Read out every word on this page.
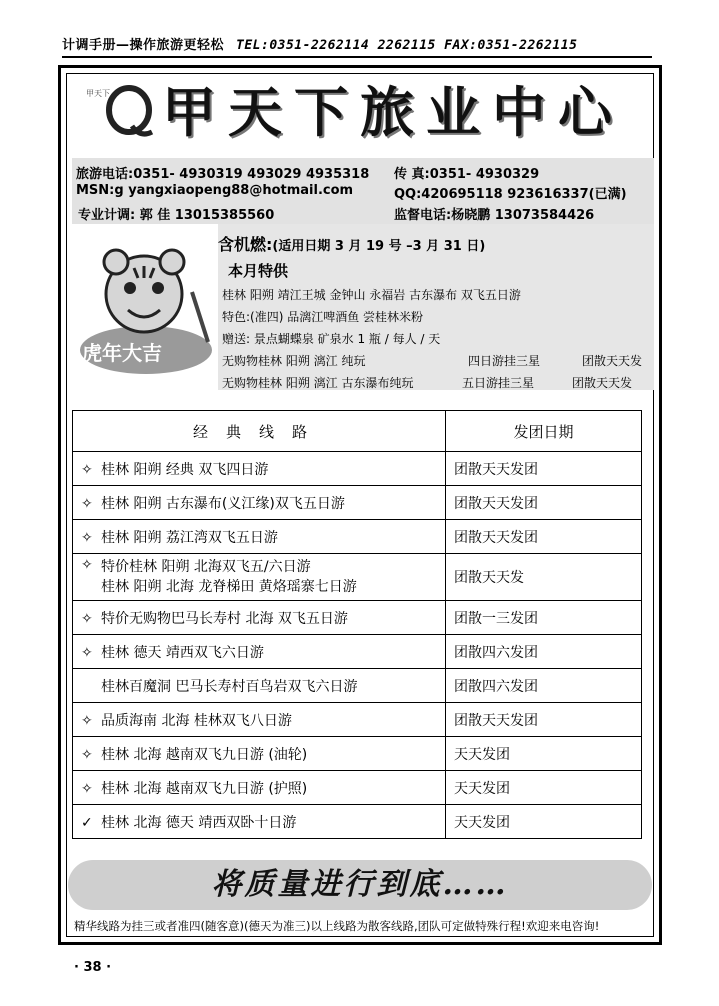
计调手册—操作旅游更轻松 TEL:0351-2262114 2262115 FAX:0351-2262115
甲天下 甲天下旅业中心
旅游电话:0351- 4930319 493029 4935318 传 真:0351- 4930329
MSN:g yangxiaopeng88@hotmail.com	QQ:420695118 923616337(已满)
专业计调: 郭 佳 13015385560	监督电话:杨晓鹏 13073584426
虎年大吉
含机燃:(适用日期 3 月 19 号 –3 月 31 日)
本月特供
桂林 阳朔 靖江王城 金钟山 永福岩 古东瀑布 双飞五日游
特色:(准四) 品漓江啤酒鱼 尝桂林米粉
赠送: 景点蝴蝶泉 矿泉水 1 瓶 / 每人 / 天
无购物桂林 阳朔 漓江 纯玩	四日游挂三星	团散天天发
无购物桂林 阳朔 漓江 古东瀑布纯玩	五日游挂三星	团散天天发
经典线路	发团日期
✧ 桂林 阳朔 经典 双飞四日游	团散天天发团
✧ 桂林 阳朔 古东瀑布(义江缘)双飞五日游	团散天天发团
✧ 桂林 阳朔 荔江湾双飞五日游	团散天天发团

✧ 特价桂林 阳朔 北海双飞五/六日游
桂林 阳朔 北海 龙脊梯田 黄烙瑶寨七日游	团散天天发
✧ 特价无购物巴马长寿村 北海 双飞五日游	团散一三发团
✧ 桂林 德天 靖西双飞六日游	团散四六发团
桂林百魔洞 巴马长寿村百鸟岩双飞六日游	团散四六发团
✧ 品质海南 北海 桂林双飞八日游	团散天天发团
✧ 桂林 北海 越南双飞九日游 (油轮)	天天发团
✧ 桂林 北海 越南双飞九日游 (护照)	天天发团
✓ 桂林 北海 德天 靖西双卧十日游	天天发团
将质量进行到底……
精华线路为挂三或者准四(随客意)(德天为准三)以上线路为散客线路,团队可定做特殊行程!欢迎来电咨询!
· 38 ·
